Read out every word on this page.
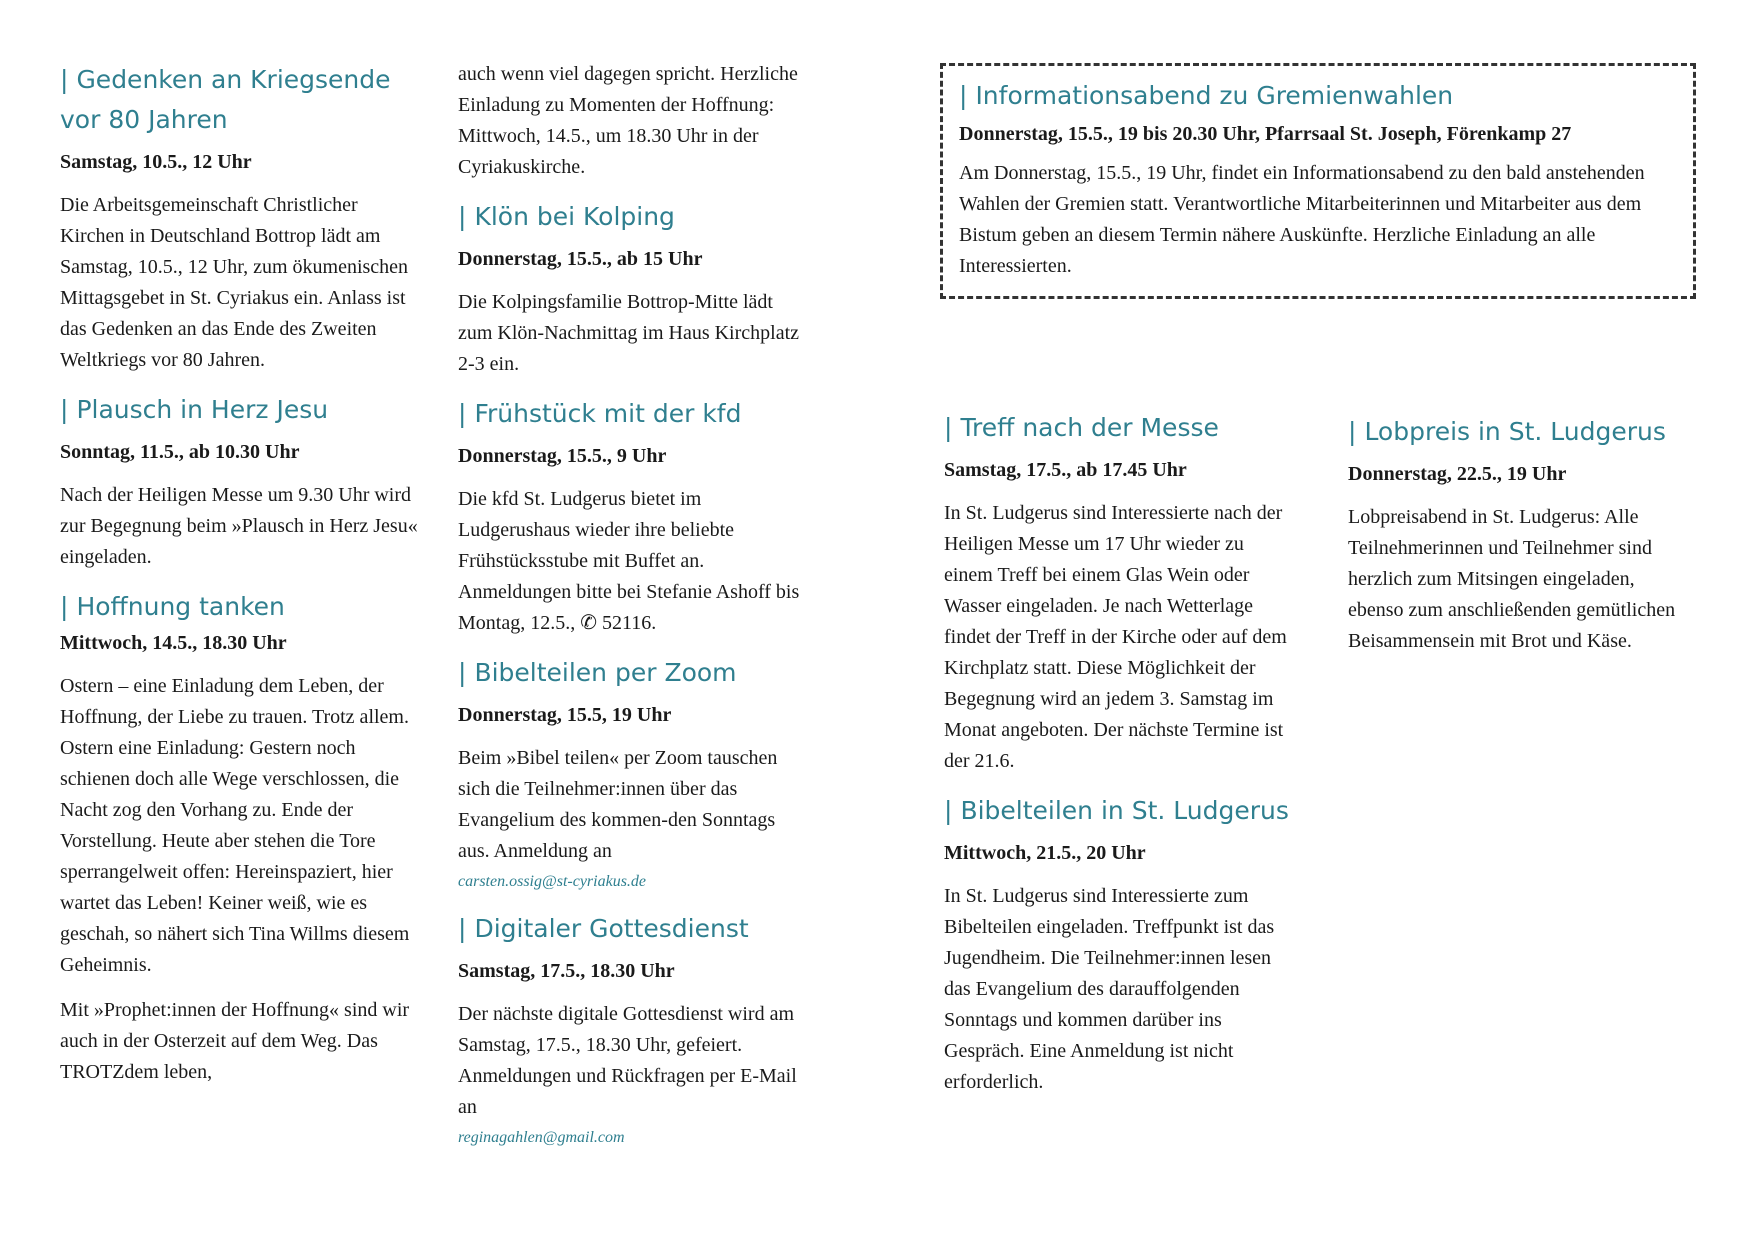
| Gedenken an Kriegsende
vor 80 Jahren

Samstag, 10.5., 12 Uhr

Die Arbeitsgemeinschaft Christlicher Kirchen in Deutschland Bottrop lädt am Samstag, 10.5., 12 Uhr, zum ökumenischen Mittagsgebet in St. Cyriakus ein. Anlass ist das Gedenken an das Ende des Zweiten Weltkriegs vor 80 Jahren.

| Plausch in Herz Jesu

Sonntag, 11.5., ab 10.30 Uhr

Nach der Heiligen Messe um 9.30 Uhr wird zur Begegnung beim »Plausch in Herz Jesu« eingeladen.

| Hoffnung tanken

Mittwoch, 14.5., 18.30 Uhr

Ostern – eine Einladung dem Leben, der Hoffnung, der Liebe zu trauen. Trotz allem. Ostern eine Einladung: Gestern noch schienen doch alle Wege verschlossen, die Nacht zog den Vorhang zu. Ende der Vorstellung. Heute aber stehen die Tore sperrangelweit offen: Hereinspaziert, hier wartet das Leben! Keiner weiß, wie es geschah, so nähert sich Tina Willms diesem Geheimnis.

Mit »Prophet:innen der Hoffnung« sind wir auch in der Osterzeit auf dem Weg. Das TROTZdem leben,

auch wenn viel dagegen spricht. Herzliche Einladung zu Momenten der Hoffnung: Mittwoch, 14.5., um 18.30 Uhr in der Cyriakuskirche.

| Klön bei Kolping

Donnerstag, 15.5., ab 15 Uhr

Die Kolpingsfamilie Bottrop-Mitte lädt zum Klön-Nachmittag im Haus Kirchplatz 2-3 ein.

| Frühstück mit der kfd

Donnerstag, 15.5., 9 Uhr

Die kfd St. Ludgerus bietet im Ludgerushaus wieder ihre beliebte Frühstücksstube mit Buffet an. Anmeldungen bitte bei Stefanie Ashoff bis Montag, 12.5., ✆ 52116.

| Bibelteilen per Zoom

Donnerstag, 15.5, 19 Uhr

Beim »Bibel teilen« per Zoom tauschen sich die Teilnehmer:innen über das Evangelium des kommen-den Sonntags aus. Anmeldung an

carsten.ossig@st-cyriakus.de
| Digitaler Gottesdienst

Samstag, 17.5., 18.30 Uhr

Der nächste digitale Gottesdienst wird am Samstag, 17.5., 18.30 Uhr, gefeiert. Anmeldungen und Rückfragen per E-Mail an

reginagahlen@gmail.com
| Informationsabend zu Gremienwahlen

Donnerstag, 15.5., 19 bis 20.30 Uhr, Pfarrsaal St. Joseph, Förenkamp 27

Am Donnerstag, 15.5., 19 Uhr, findet ein Informationsabend zu den bald anstehenden Wahlen der Gremien statt. Verantwortliche Mitarbeiterinnen und Mitarbeiter aus dem Bistum geben an diesem Termin nähere Auskünfte. Herzliche Einladung an alle Interessierten.

| Treff nach der Messe

Samstag, 17.5., ab 17.45 Uhr

In St. Ludgerus sind Interessierte nach der Heiligen Messe um 17 Uhr wieder zu einem Treff bei einem Glas Wein oder Wasser eingeladen. Je nach Wetterlage findet der Treff in der Kirche oder auf dem Kirchplatz statt. Diese Möglichkeit der Begegnung wird an jedem 3. Samstag im Monat angeboten. Der nächste Termine ist der 21.6.

| Bibelteilen in St. Ludgerus

Mittwoch, 21.5., 20 Uhr

In St. Ludgerus sind Interessierte zum Bibelteilen eingeladen. Treffpunkt ist das Jugendheim. Die Teilnehmer:innen lesen das Evangelium des darauffolgenden Sonntags und kommen darüber ins Gespräch. Eine Anmeldung ist nicht erforderlich.

| Lobpreis in St. Ludgerus

Donnerstag, 22.5., 19 Uhr

Lobpreisabend in St. Ludgerus: Alle Teilnehmerinnen und Teilnehmer sind herzlich zum Mitsingen eingeladen, ebenso zum anschließenden gemütlichen Beisammensein mit Brot und Käse.
